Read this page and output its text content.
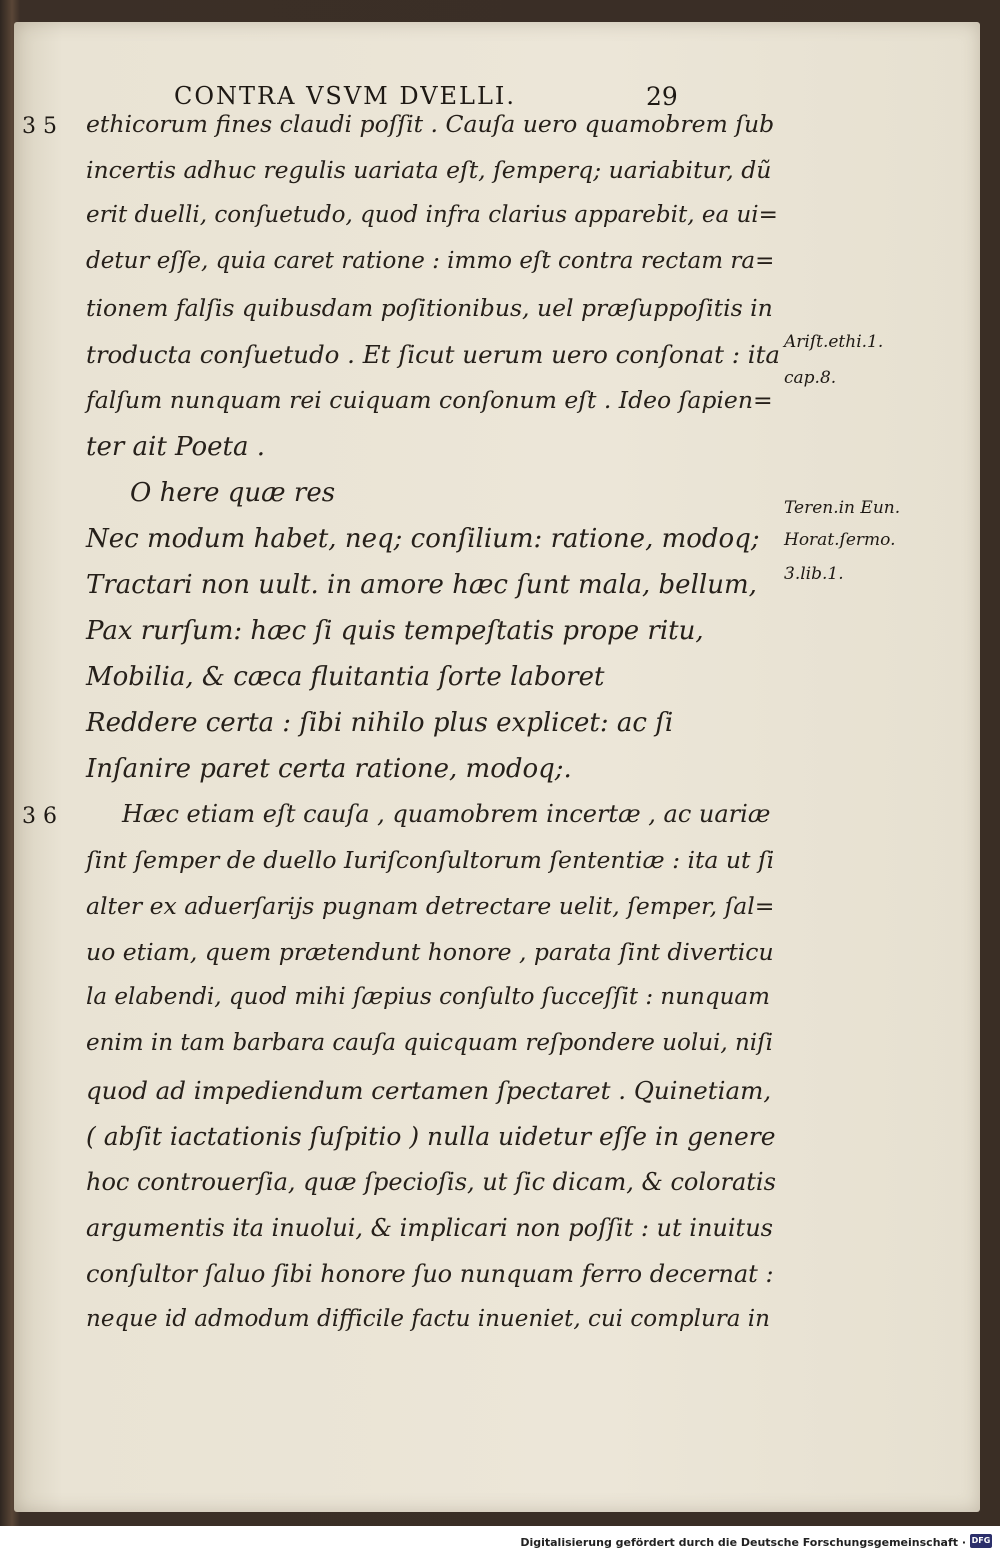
CONTRA VSVM DVELLI.	29
3 5
3 6
ethicorum fines claudi poſſit . Cauſa uero quamobrem ſub
incertis adhuc regulis uariata eſt, ſemperq; uariabitur, dũ
erit duelli, conſuetudo, quod infra clarius apparebit, ea ui=
detur eſſe, quia caret ratione : immo eſt contra rectam ra=
tionem falſis quibusdam poſitionibus, uel præſuppoſitis in
troducta conſuetudo . Et ſicut uerum uero conſonat : ita
falſum nunquam rei cuiquam conſonum eſt . Ideo ſapien=
ter ait Poeta .
O here quæ res
Nec modum habet, neq; conſilium: ratione, modoq;
Tractari non uult. in amore hæc ſunt mala, bellum,
Pax rurſum: hæc ſi quis tempeſtatis prope ritu,
Mobilia, & cæca fluitantia ſorte laboret
Reddere certa : ſibi nihilo plus explicet: ac ſi
Inſanire paret certa ratione, modoq;.
Hæc etiam eſt cauſa , quamobrem incertæ , ac uariæ
ſint ſemper de duello Iuriſconſultorum ſententiæ : ita ut ſi
alter ex aduerſarijs pugnam detrectare uelit, ſemper, ſal=
uo etiam, quem prætendunt honore , parata ſint diverticu
la elabendi, quod mihi ſæpius conſulto ſucceſſit : nunquam
enim in tam barbara cauſa quicquam reſpondere uolui, niſi
quod ad impediendum certamen ſpectaret . Quinetiam,
( abſit iactationis ſuſpitio ) nulla uidetur eſſe in genere
hoc controuerſia, quæ ſpecioſis, ut ſic dicam, & coloratis
argumentis ita inuolui, & implicari non poſſit : ut inuitus
conſultor ſaluo ſibi honore ſuo nunquam ferro decernat :
neque id admodum difficile factu inueniet, cui complura in
Ariſt.ethi.1.
cap.8.
Teren.in Eun.
Horat.ſermo.
3.lib.1.
Digitalisierung gefördert durch die Deutsche Forschungsgemeinschaft · DFG
